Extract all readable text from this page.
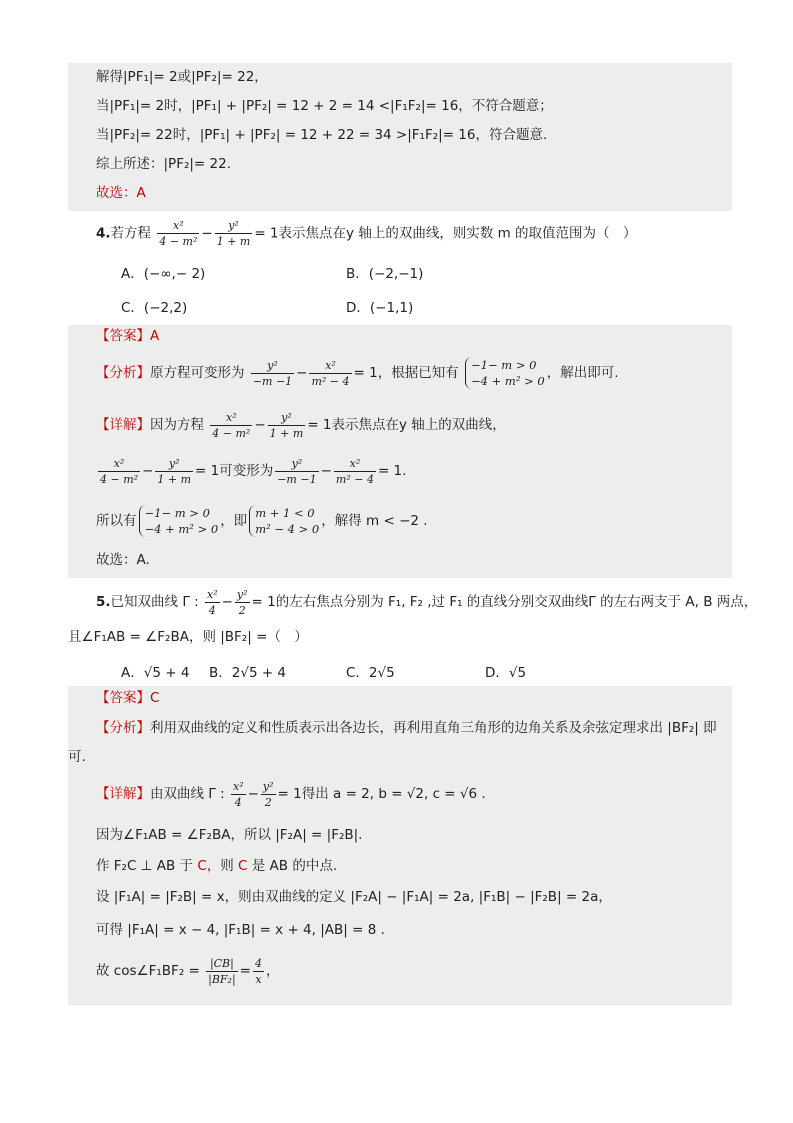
解得|PF₁|= 2或|PF₂|= 22，
当|PF₁|= 2时，|PF₁| + |PF₂| = 12 + 2 = 14 <|F₁F₂|= 16，不符合题意；
当|PF₂|= 22时，|PF₁| + |PF₂| = 12 + 22 = 34 >|F₁F₂|= 16，符合题意.
综上所述：|PF₂|= 22.
故选：A
4.若方程 $\frac{\text{x²}}{\text{4 − m²}} - \frac{\text{y²}}{1 + m} = 1$表示焦点在y 轴上的双曲线，则实数 m 的取值范围为（　）
A．(−∞,− 2)	B．(−2,−1)
C．(−2,2)	D．(−1,1)
【答案】A
【分析】原方程可变形为 $\frac{\text{y²}}{-m -1} - \frac{\text{x²}}{\text{m² − 4}} = 1$，根据已知有 −1− m > 0
−4 + m² > 0 ，解出即可.
【详解】因为方程 $\frac{\text{x²}}{\text{4 − m²}} - \frac{\text{y²}}{1 + m} = 1$表示焦点在y 轴上的双曲线，
$\frac{\text{x²}}{\text{4 − m²}} - \frac{\text{y²}}{1 + m} = 1$可变形为 $\frac{\text{y²}}{-m -1} - \frac{\text{x²}}{\text{m² − 4}} = 1$.
所以有 −1− m > 0
−4 + m² > 0 ，即 m + 1 < 0
m² − 4 > 0 ，解得 m < −2 .
故选：A.
5.已知双曲线 Γ : $\frac{\text{x²}}{4} - \frac{\text{y²}}{2} = 1$的左右焦点分别为 F₁, F₂ ,过 F₁ 的直线分别交双曲线Γ 的左右两支于 A, B 两点，
且∠F₁AB = ∠F₂BA，则 |BF₂| =（　）
A．√5 + 4 B．2√5 + 4	C．2√5	D．√5
【答案】C
【分析】利用双曲线的定义和性质表示出各边长，再利用直角三角形的边角关系及余弦定理求出 |BF₂| 即
可.
【详解】由双曲线 Γ : $\frac{\text{x²}}{4} - \frac{\text{y²}}{2} = 1$得出 a = 2, b = √2, c = √6 .
因为∠F₁AB = ∠F₂BA，所以 |F₂A| = |F₂B|.
作 F₂C ⊥ AB 于 C，则 C 是 AB 的中点.
设 |F₁A| = |F₂B| = x，则由双曲线的定义 |F₂A| − |F₁A| = 2a, |F₁B| − |F₂B| = 2a，
可得 |F₁A| = x − 4, |F₁B| = x + 4, |AB| = 8 .
故 cos∠F₁BF₂ = $\frac{|CB|}{\text{|BF₂|}} = \frac{4}{x}$ ，
